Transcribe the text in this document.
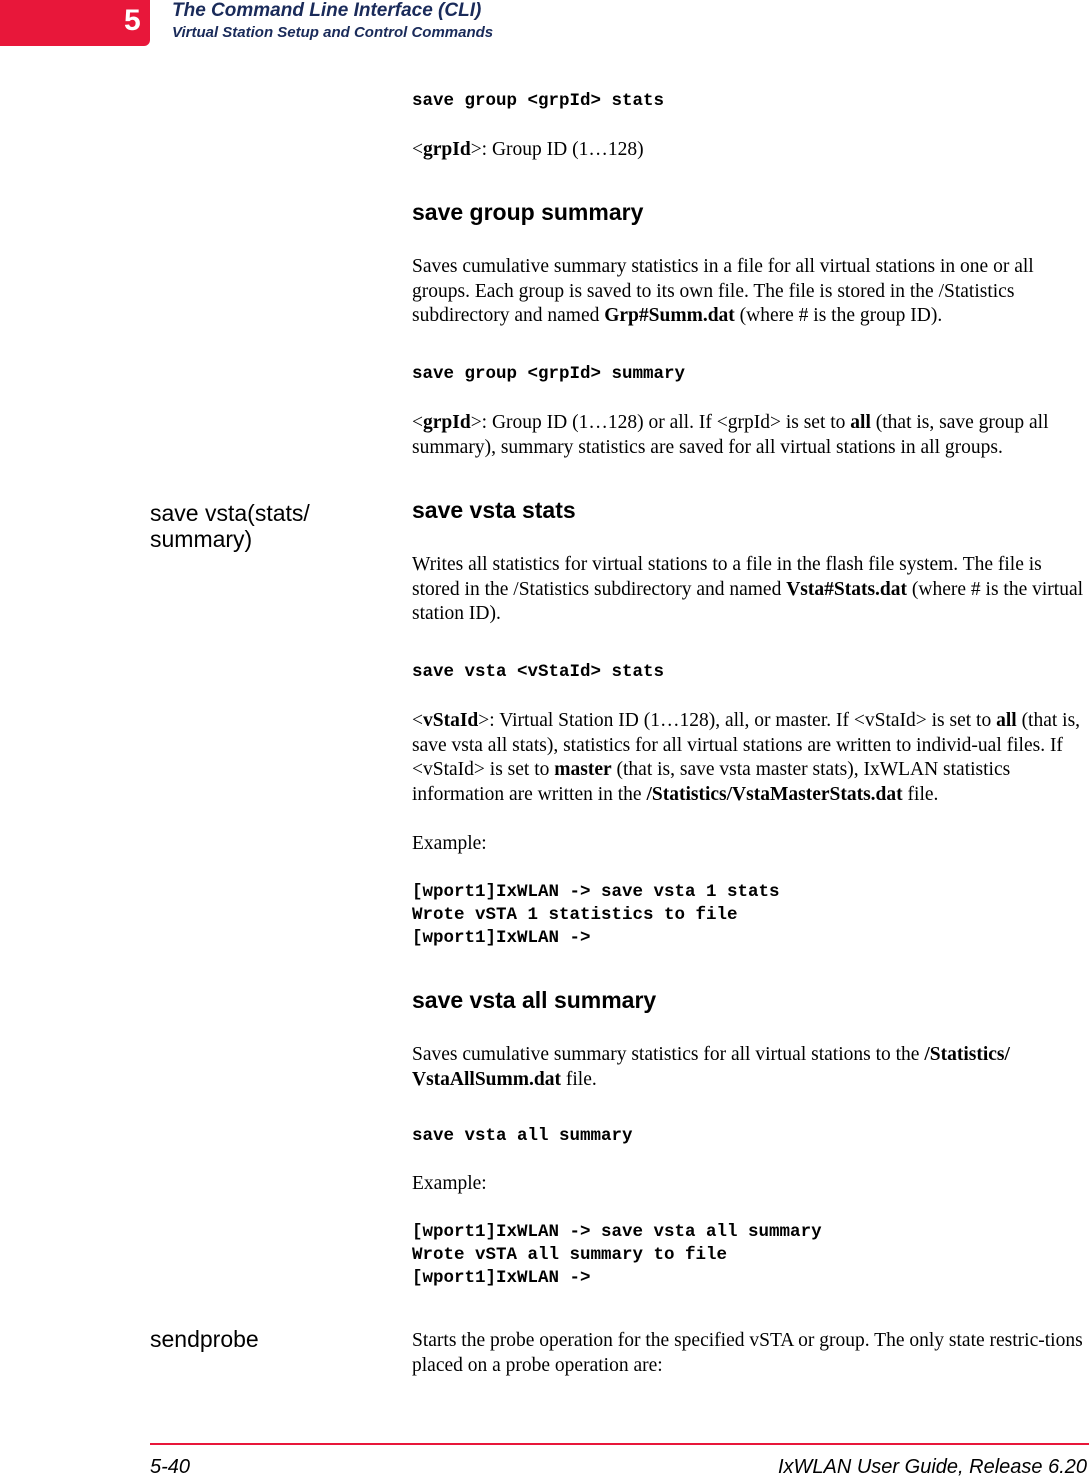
5 The Command Line Interface (CLI)
Virtual Station Setup and Control Commands
save group <grpId> stats
<grpId>: Group ID (1…128)
save group summary
Saves cumulative summary statistics in a file for all virtual stations in one or all groups. Each group is saved to its own file. The file is stored in the /Statistics subdirectory and named Grp#Summ.dat (where # is the group ID).
save group <grpId> summary
<grpId>: Group ID (1…128) or all. If <grpId> is set to all (that is, save group all summary), summary statistics are saved for all virtual stations in all groups.
save vsta(stats/ summary)
save vsta stats
Writes all statistics for virtual stations to a file in the flash file system. The file is stored in the /Statistics subdirectory and named Vsta#Stats.dat (where # is the virtual station ID).
save vsta <vStaId> stats
<vStaId>: Virtual Station ID (1…128), all, or master. If <vStaId> is set to all (that is, save vsta all stats), statistics for all virtual stations are written to individ-ual files. If <vStaId> is set to master (that is, save vsta master stats), IxWLAN statistics information are written in the /Statistics/VstaMasterStats.dat file.
Example:
[wport1]IxWLAN -> save vsta 1 stats
Wrote vSTA 1 statistics to file
[wport1]IxWLAN ->
save vsta all summary
Saves cumulative summary statistics for all virtual stations to the /Statistics/ VstaAllSumm.dat file.
save vsta all summary
Example:
[wport1]IxWLAN -> save vsta all summary
Wrote vSTA all summary to file
[wport1]IxWLAN ->
sendprobe	Starts the probe operation for the specified vSTA or group. The only state restric-tions placed on a probe operation are:
5-40	IxWLAN User Guide, Release 6.20
